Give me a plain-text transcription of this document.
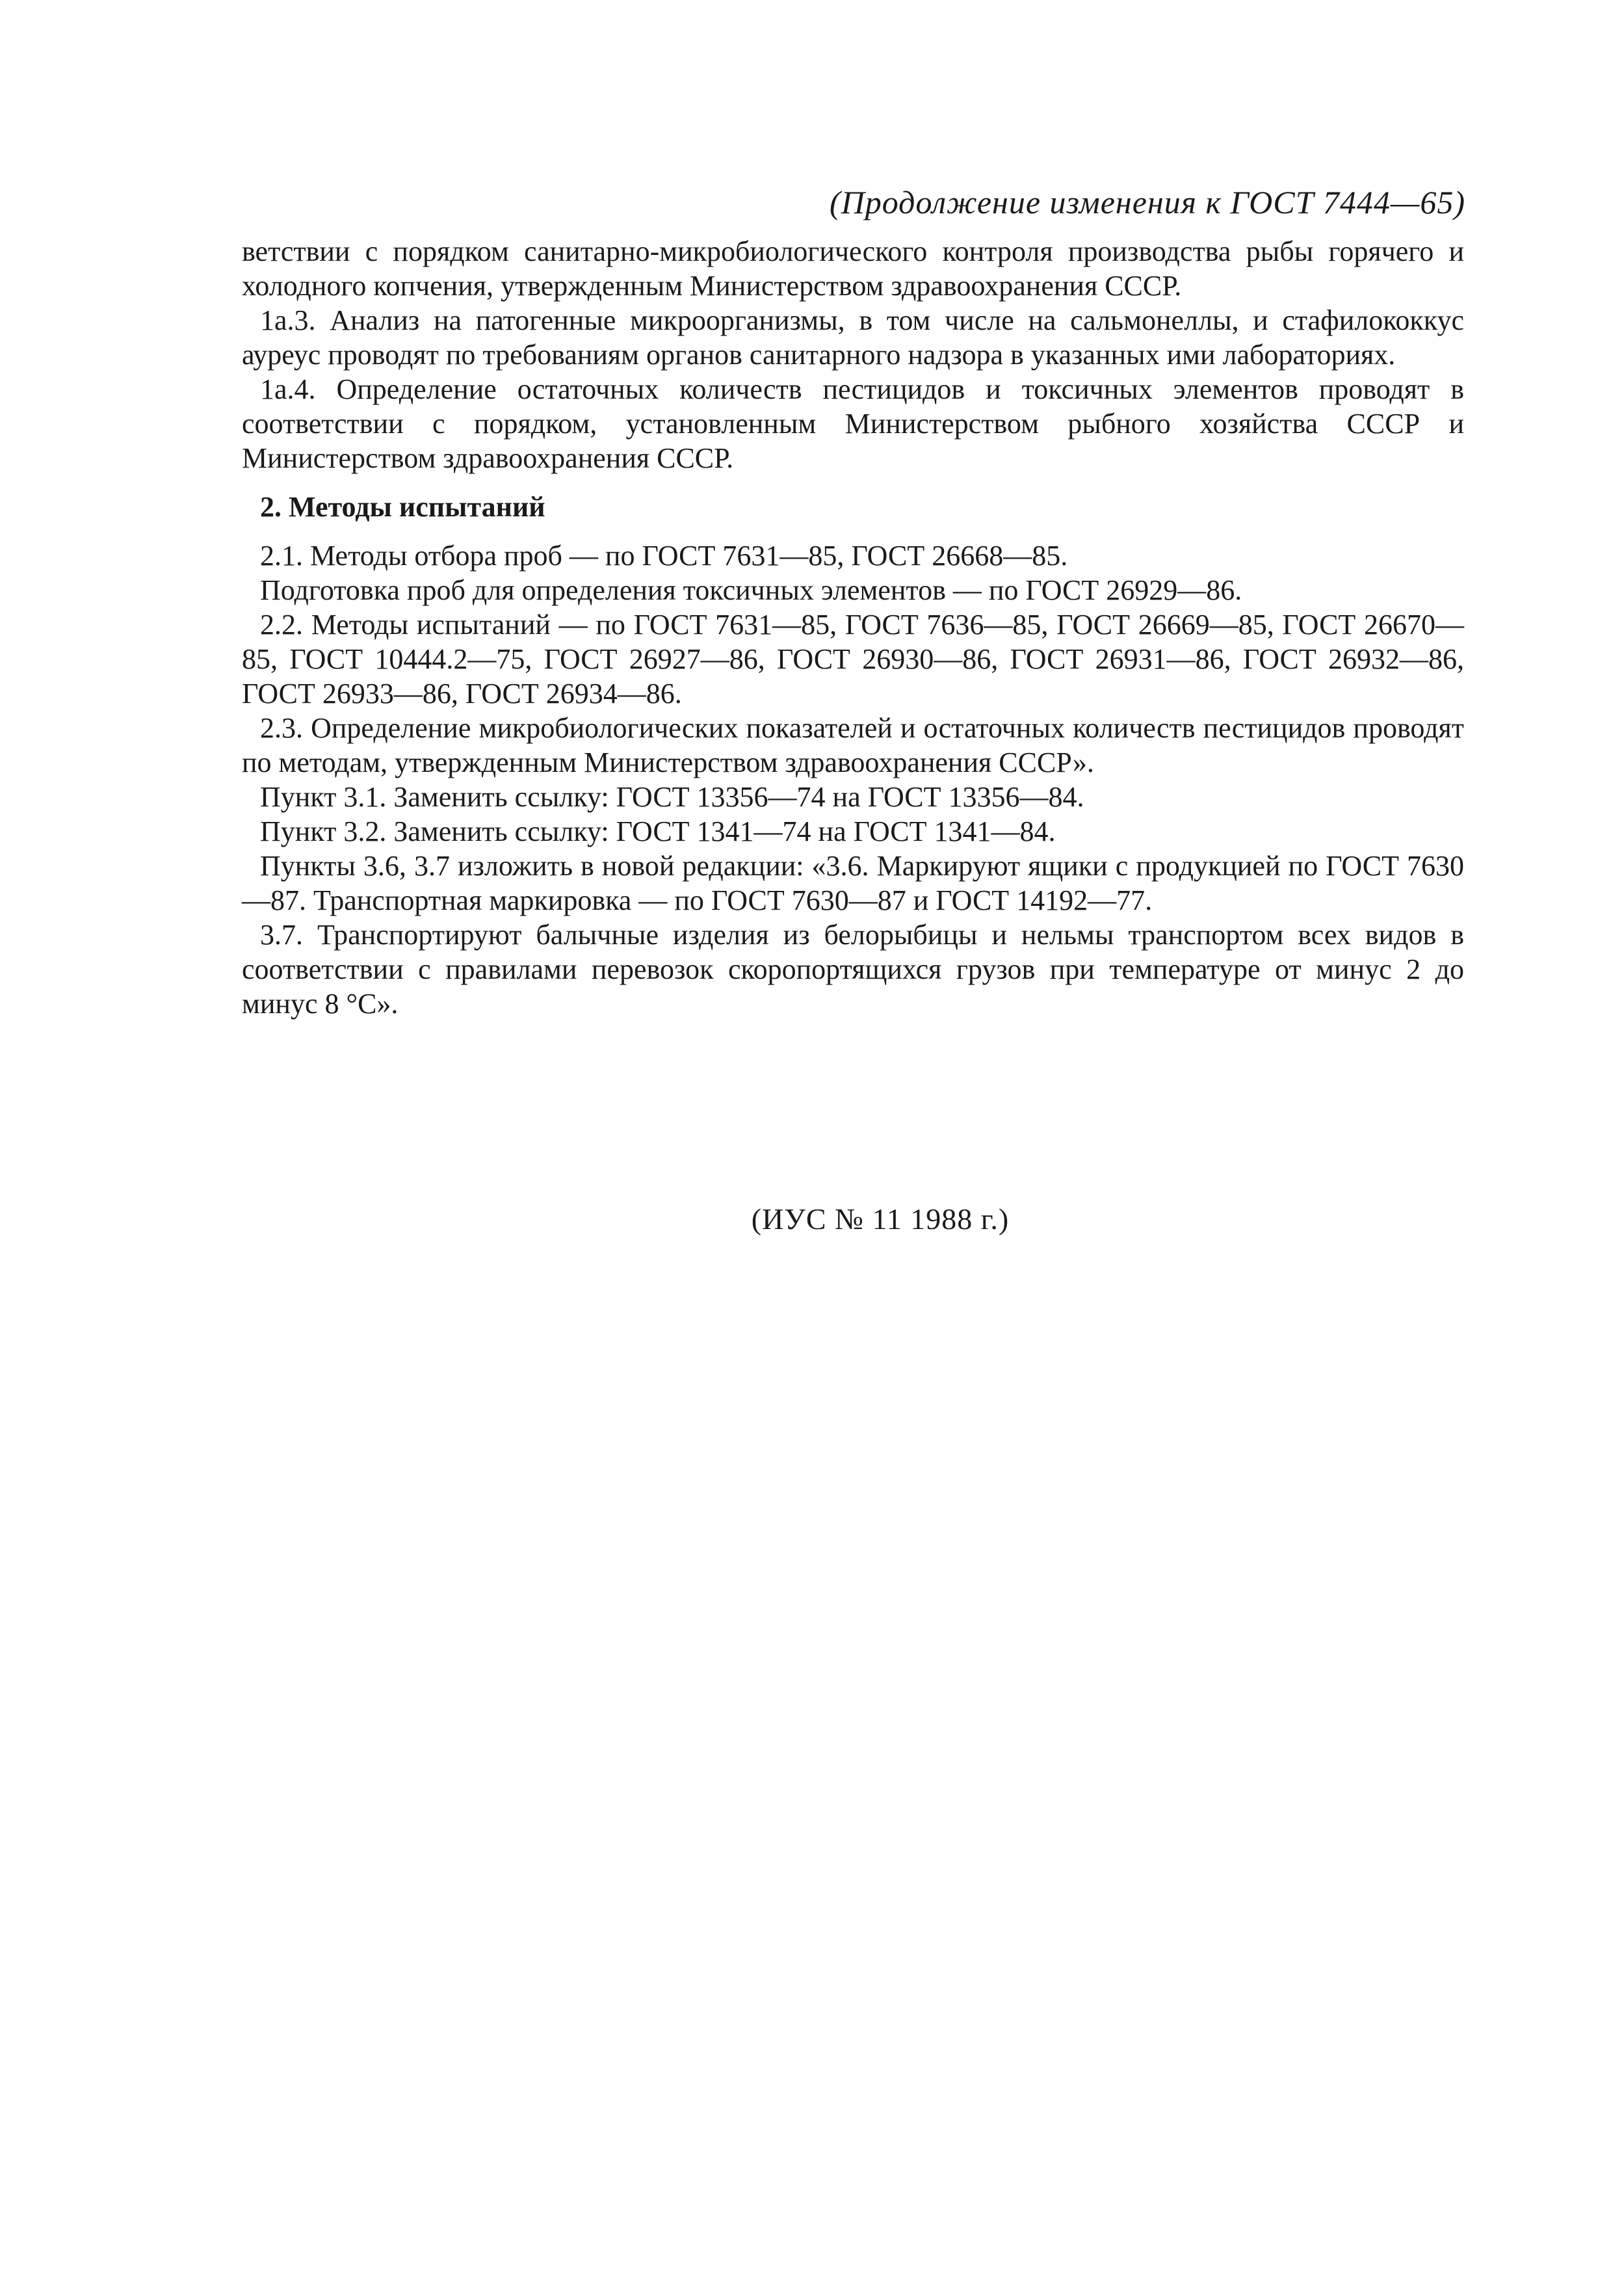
(Продолжение изменения к ГОСТ 7444—65)

ветствии с порядком санитарно-микробиологического контроля производства рыбы горячего и холодного копчения, утвержденным Министерством здравоохранения СССР.

1а.3. Анализ на патогенные микроорганизмы, в том числе на сальмонеллы, и стафилококкус ауреус проводят по требованиям органов санитарного надзора в указанных ими лабораториях.

1а.4. Определение остаточных количеств пестицидов и токсичных элементов проводят в соответствии с порядком, установленным Министерством рыбного хозяйства СССР и Министерством здравоохранения СССР.

2. Методы испытаний

2.1. Методы отбора проб — по ГОСТ 7631—85, ГОСТ 26668—85.

Подготовка проб для определения токсичных элементов — по ГОСТ 26929—86.

2.2. Методы испытаний — по ГОСТ 7631—85, ГОСТ 7636—85, ГОСТ 26669—85, ГОСТ 26670—85, ГОСТ 10444.2—75, ГОСТ 26927—86, ГОСТ 26930—86, ГОСТ 26931—86, ГОСТ 26932—86, ГОСТ 26933—86, ГОСТ 26934—86.

2.3. Определение микробиологических показателей и остаточных количеств пестицидов проводят по методам, утвержденным Министерством здравоохранения СССР».

Пункт 3.1. Заменить ссылку: ГОСТ 13356—74 на ГОСТ 13356—84.

Пункт 3.2. Заменить ссылку: ГОСТ 1341—74 на ГОСТ 1341—84.

Пункты 3.6, 3.7 изложить в новой редакции: «3.6. Маркируют ящики с продукцией по ГОСТ 7630—87. Транспортная маркировка — по ГОСТ 7630—87 и ГОСТ 14192—77.

3.7. Транспортируют балычные изделия из белорыбицы и нельмы транспортом всех видов в соответствии с правилами перевозок скоропортящихся грузов при температуре от минус 2 до минус 8 °С».

(ИУС № 11 1988 г.)
